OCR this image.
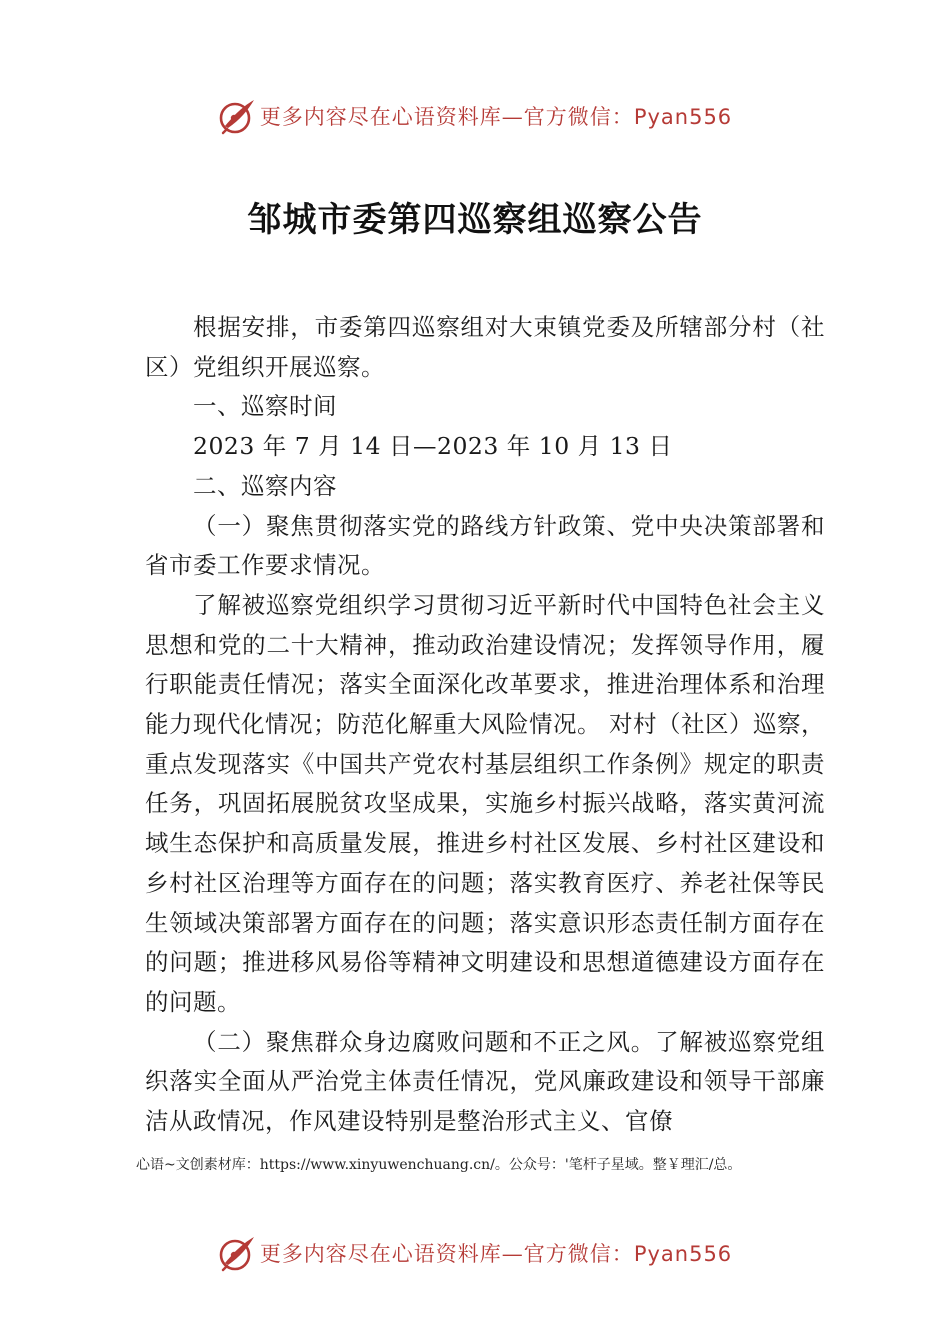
更多内容尽在心语资料库—官方微信：Pyan556
邹城市委第四巡察组巡察公告

根据安排，市委第四巡察组对大束镇党委及所辖部分村（社区）党组织开展巡察。

一、巡察时间

2023 年 7 月 14 日—2023 年 10 月 13 日

二、巡察内容

（一）聚焦贯彻落实党的路线方针政策、党中央决策部署和省市委工作要求情况。

了解被巡察党组织学习贯彻习近平新时代中国特色社会主义思想和党的二十大精神，推动政治建设情况；发挥领导作用，履行职能责任情况；落实全面深化改革要求，推进治理体系和治理能力现代化情况；防范化解重大风险情况。 对村（社区）巡察，重点发现落实《中国共产党农村基层组织工作条例》规定的职责任务，巩固拓展脱贫攻坚成果，实施乡村振兴战略，落实黄河流域生态保护和高质量发展，推进乡村社区发展、乡村社区建设和乡村社区治理等方面存在的问题；落实教育医疗、养老社保等民生领域决策部署方面存在的问题；落实意识形态责任制方面存在的问题；推进移风易俗等精神文明建设和思想道德建设方面存在的问题。

（二）聚焦群众身边腐败问题和不正之风。了解被巡察党组织落实全面从严治党主体责任情况，党风廉政建设和领导干部廉洁从政情况，作风建设特别是整治形式主义、官僚

心语~文创素材库：https://www.xinyuwenchuang.cn/。公众号：'笔杆子星域。整￥理汇/总。
更多内容尽在心语资料库—官方微信：Pyan556
